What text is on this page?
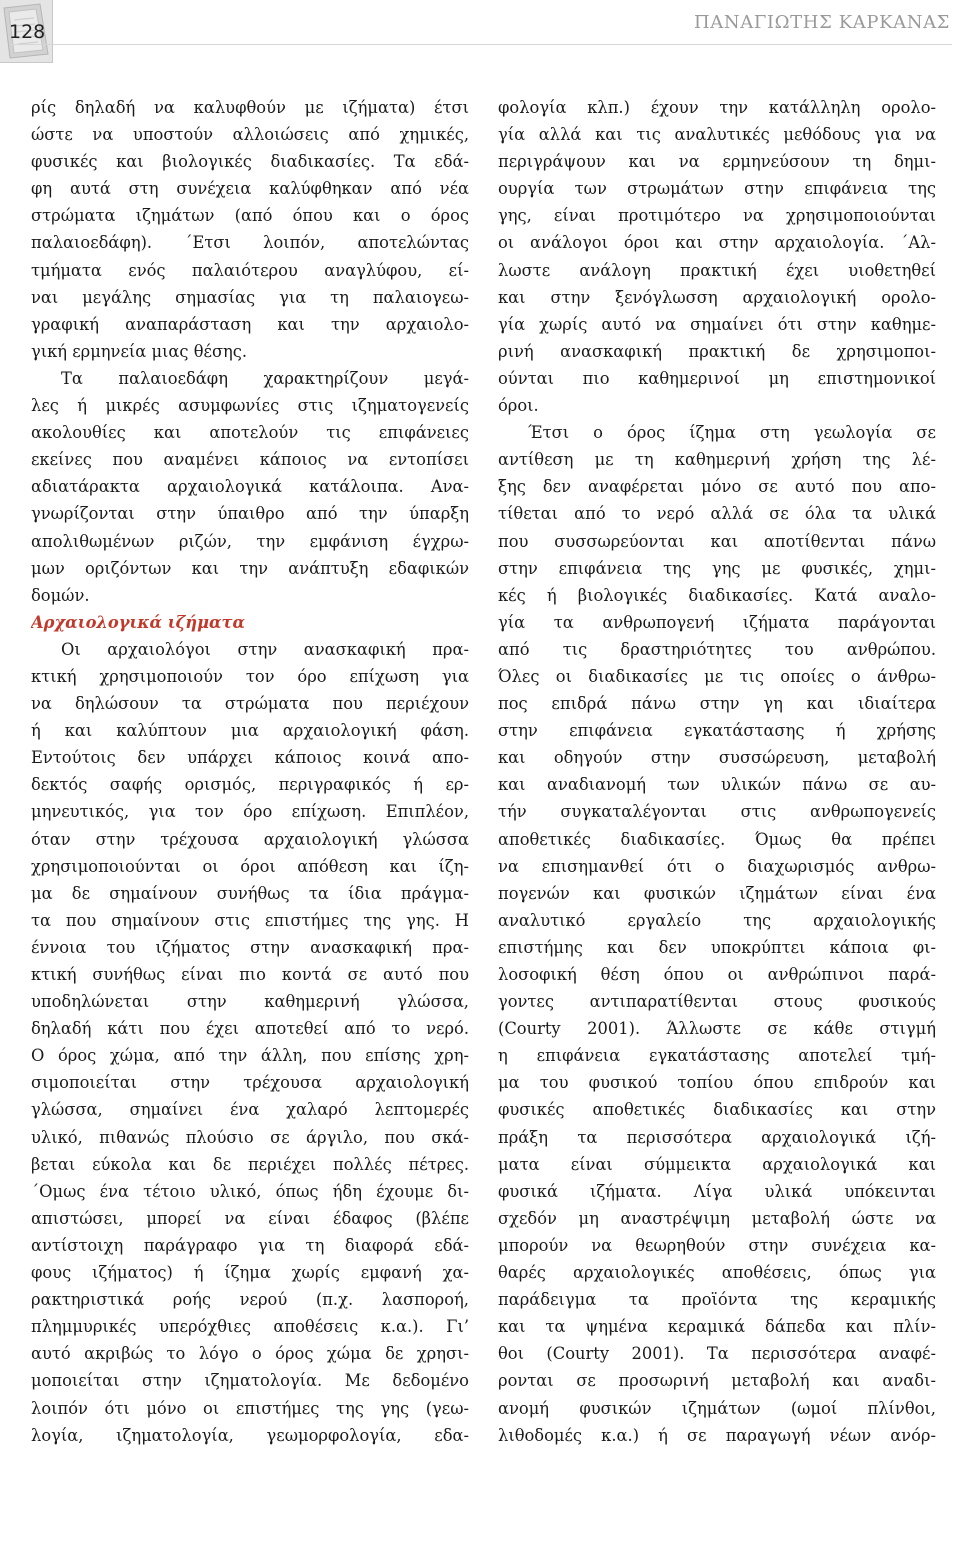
128	ΠΑΝΑΓΙΩΤΗΣ ΚΑΡΚΑΝΑΣ
ρίς δηλαδή να καλυφθούν με ιζήματα) έτσι
ώστε να υποστούν αλλοιώσεις από χημικές,
φυσικές και βιολογικές διαδικασίες. Τα εδά-
φη αυτά στη συνέχεια καλύφθηκαν από νέα
στρώματα ιζημάτων (από όπου και ο όρος
παλαιοεδάφη). ΄Ετσι λοιπόν, αποτελώντας
τμήματα ενός παλαιότερου αναγλύφου, εί-
ναι μεγάλης σημασίας για τη παλαιογεω-
γραφική αναπαράσταση και την αρχαιολο-
γική ερμηνεία μιας θέσης.
Τα παλαιοεδάφη χαρακτηρίζουν μεγά-
λες ή μικρές ασυμφωνίες στις ιζηματογενείς
ακολουθίες και αποτελούν τις επιφάνειες
εκείνες που αναμένει κάποιος να εντοπίσει
αδιατάρακτα αρχαιολογικά κατάλοιπα. Ανα-
γνωρίζονται στην ύπαιθρο από την ύπαρξη
απολιθωμένων ριζών, την εμφάνιση έγχρω-
μων οριζόντων και την ανάπτυξη εδαφικών
δομών.
Αρχαιολογικά ιζήματα
Οι αρχαιολόγοι στην ανασκαφική πρα-
κτική χρησιμοποιούν τον όρο επίχωση για
να δηλώσουν τα στρώματα που περιέχουν
ή και καλύπτουν μια αρχαιολογική φάση.
Εντούτοις δεν υπάρχει κάποιος κοινά απο-
δεκτός σαφής ορισμός, περιγραφικός ή ερ-
μηνευτικός, για τον όρο επίχωση. Επιπλέον,
όταν στην τρέχουσα αρχαιολογική γλώσσα
χρησιμοποιούνται οι όροι απόθεση και ίζη-
μα δε σημαίνουν συνήθως τα ίδια πράγμα-
τα που σημαίνουν στις επιστήμες της γης. Η
έννοια του ιζήματος στην ανασκαφική πρα-
κτική συνήθως είναι πιο κοντά σε αυτό που
υποδηλώνεται στην καθημερινή γλώσσα,
δηλαδή κάτι που έχει αποτεθεί από το νερό.
Ο όρος χώμα, από την άλλη, που επίσης χρη-
σιμοποιείται στην τρέχουσα αρχαιολογική
γλώσσα, σημαίνει ένα χαλαρό λεπτομερές
υλικό, πιθανώς πλούσιο σε άργιλο, που σκά-
βεται εύκολα και δε περιέχει πολλές πέτρες.
΄Ομως ένα τέτοιο υλικό, όπως ήδη έχουμε δι-
απιστώσει, μπορεί να είναι έδαφος (βλέπε
αντίστοιχη παράγραφο για τη διαφορά εδά-
φους ιζήματος) ή ίζημα χωρίς εμφανή χα-
ρακτηριστικά ροής νερού (π.χ. λασπορoή,
πλημμυρικές υπερόχθιες αποθέσεις κ.α.). Γι’
αυτό ακριβώς το λόγο ο όρος χώμα δε χρησι-
μοποιείται στην ιζηματολογία. Με δεδομένο
λοιπόν ότι μόνο οι επιστήμες της γης (γεω-
λογία, ιζηματολογία, γεωμορφολογία, εδα-
φολογία κλπ.) έχουν την κατάλληλη ορολο-
γία αλλά και τις αναλυτικές μεθόδους για να
περιγράψουν και να ερμηνεύσουν τη δημι-
ουργία των στρωμάτων στην επιφάνεια της
γης, είναι προτιμότερο να χρησιμοποιούνται
οι ανάλογοι όροι και στην αρχαιολογία. ΄Αλ-
λωστε ανάλογη πρακτική έχει υιοθετηθεί
και στην ξενόγλωσση αρχαιολογική ορολο-
γία χωρίς αυτό να σημαίνει ότι στην καθημε-
ρινή ανασκαφική πρακτική δε χρησιμοποι-
ούνται πιο καθημερινοί μη επιστημονικοί
όροι.
Έτσι ο όρος ίζημα στη γεωλογία σε
αντίθεση με τη καθημερινή χρήση της λέ-
ξης δεν αναφέρεται μόνο σε αυτό που απο-
τίθεται από το νερό αλλά σε όλα τα υλικά
που συσσωρεύονται και αποτίθενται πάνω
στην επιφάνεια της γης με φυσικές, χημι-
κές ή βιολογικές διαδικασίες. Κατά αναλο-
γία τα ανθρωπογενή ιζήματα παράγονται
από τις δραστηριότητες του ανθρώπου.
Όλες οι διαδικασίες με τις οποίες ο άνθρω-
πος επιδρά πάνω στην γη και ιδιαίτερα
στην επιφάνεια εγκατάστασης ή χρήσης
και οδηγούν στην συσσώρευση, μεταβολή
και αναδιανομή των υλικών πάνω σε αυ-
τήν συγκαταλέγονται στις ανθρωπογενείς
αποθετικές διαδικασίες. Όμως θα πρέπει
να επισημανθεί ότι ο διαχωρισμός ανθρω-
πογενών και φυσικών ιζημάτων είναι ένα
αναλυτικό εργαλείο της αρχαιολογικής
επιστήμης και δεν υποκρύπτει κάποια φι-
λοσοφική θέση όπου οι ανθρώπινοι παρά-
γοντες αντιπαρατίθενται στους φυσικούς
(Courty 2001). Άλλωστε σε κάθε στιγμή
η επιφάνεια εγκατάστασης αποτελεί τμή-
μα του φυσικού τοπίου όπου επιδρούν και
φυσικές αποθετικές διαδικασίες και στην
πράξη τα περισσότερα αρχαιολογικά ιζή-
ματα είναι σύμμεικτα αρχαιολογικά και
φυσικά ιζήματα. Λίγα υλικά υπόκεινται
σχεδόν μη αναστρέψιμη μεταβολή ώστε να
μπορούν να θεωρηθούν στην συνέχεια κα-
θαρές αρχαιολογικές αποθέσεις, όπως για
παράδειγμα τα προϊόντα της κεραμικής
και τα ψημένα κεραμικά δάπεδα και πλίν-
θοι (Courty 2001). Τα περισσότερα αναφέ-
ρονται σε προσωρινή μεταβολή και αναδι-
ανομή φυσικών ιζημάτων (ωμοί πλίνθοι,
λιθοδομές κ.α.) ή σε παραγωγή νέων ανόρ-
